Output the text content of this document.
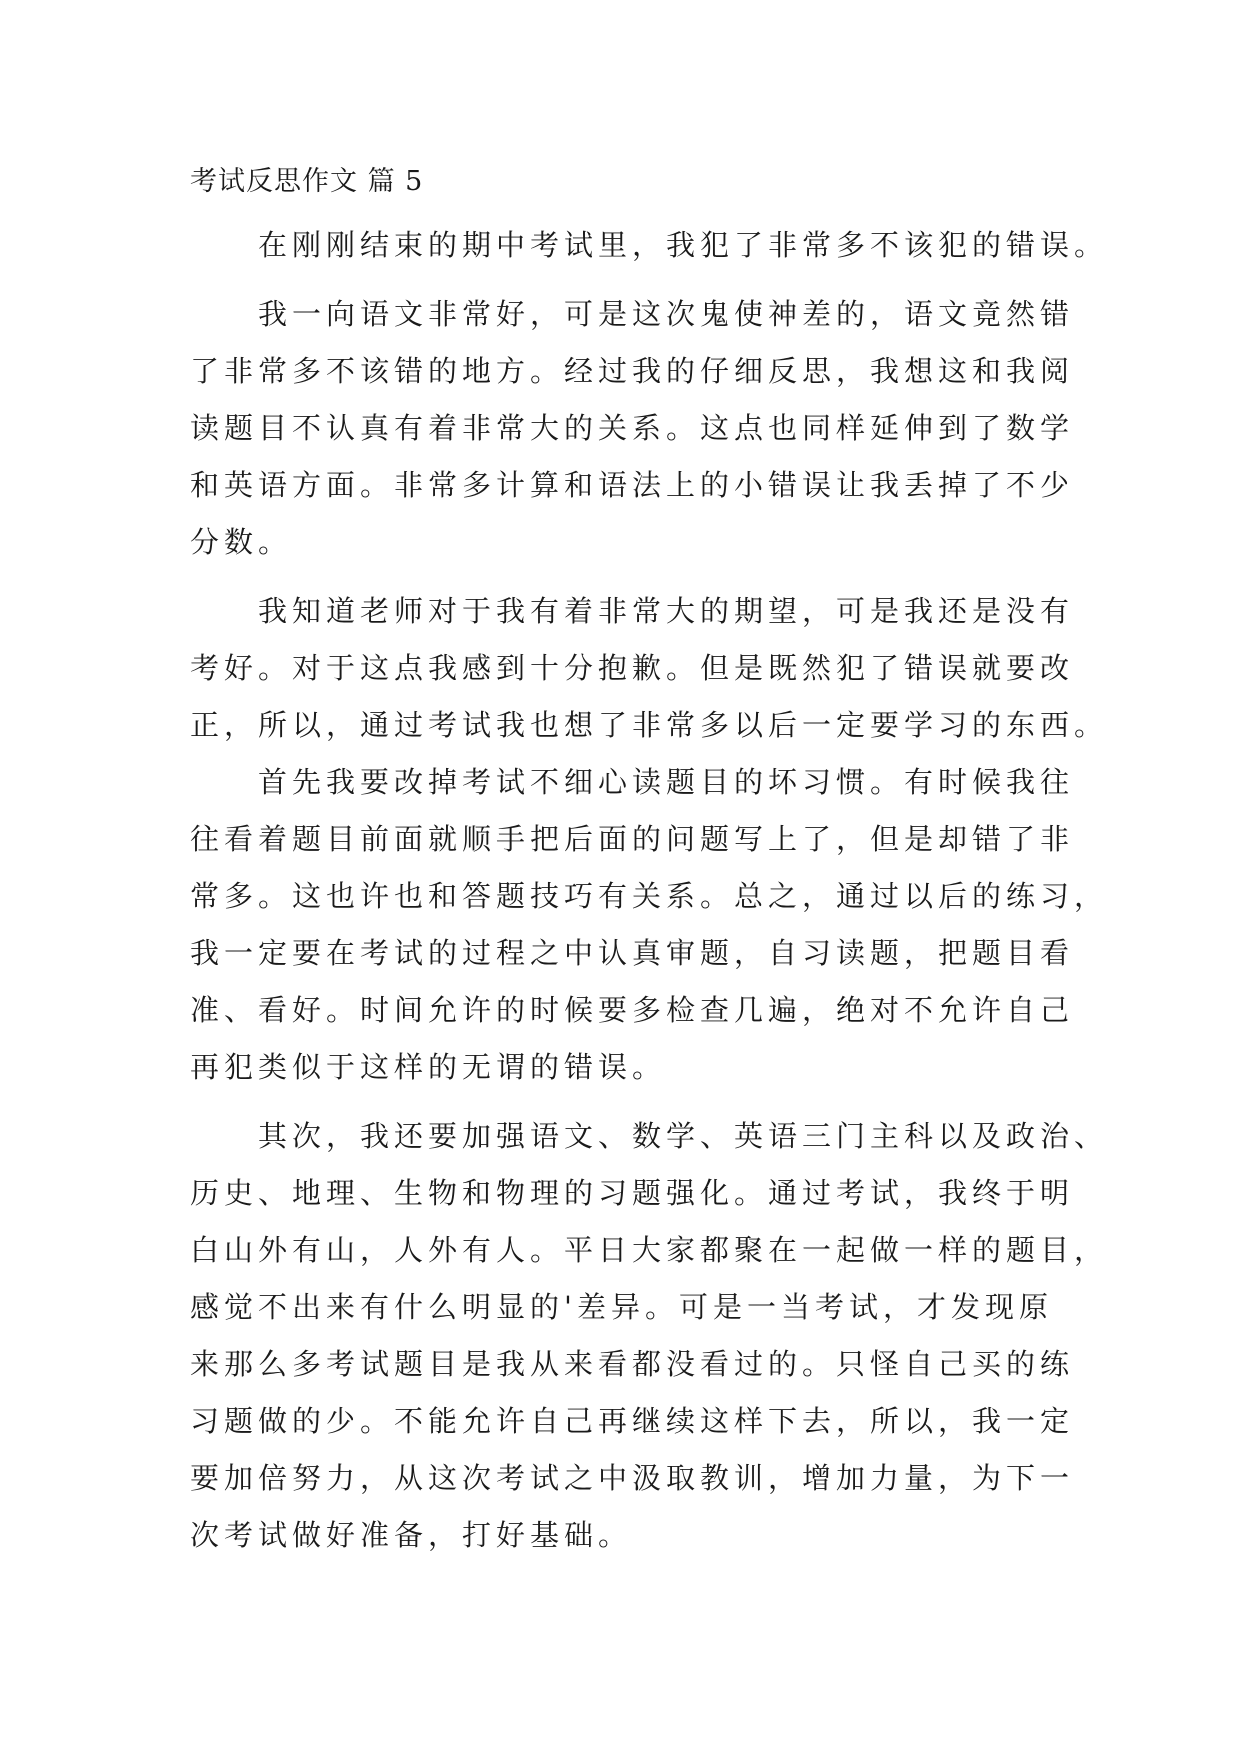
考试反思作文 篇 5
在刚刚结束的期中考试里，我犯了非常多不该犯的错误。
我一向语文非常好，可是这次鬼使神差的，语文竟然错
了非常多不该错的地方。经过我的仔细反思，我想这和我阅
读题目不认真有着非常大的关系。这点也同样延伸到了数学
和英语方面。非常多计算和语法上的小错误让我丢掉了不少
分数。
我知道老师对于我有着非常大的期望，可是我还是没有
考好。对于这点我感到十分抱歉。但是既然犯了错误就要改
正，所以，通过考试我也想了非常多以后一定要学习的东西。
首先我要改掉考试不细心读题目的坏习惯。有时候我往
往看着题目前面就顺手把后面的问题写上了，但是却错了非
常多。这也许也和答题技巧有关系。总之，通过以后的练习，
我一定要在考试的过程之中认真审题，自习读题，把题目看
准、看好。时间允许的时候要多检查几遍，绝对不允许自己
再犯类似于这样的无谓的错误。
其次，我还要加强语文、数学、英语三门主科以及政治、
历史、地理、生物和物理的习题强化。通过考试，我终于明
白山外有山，人外有人。平日大家都聚在一起做一样的题目，
感觉不出来有什么明显的'差异。可是一当考试，才发现原
来那么多考试题目是我从来看都没看过的。只怪自己买的练
习题做的少。不能允许自己再继续这样下去，所以，我一定
要加倍努力，从这次考试之中汲取教训，增加力量，为下一
次考试做好准备，打好基础。
